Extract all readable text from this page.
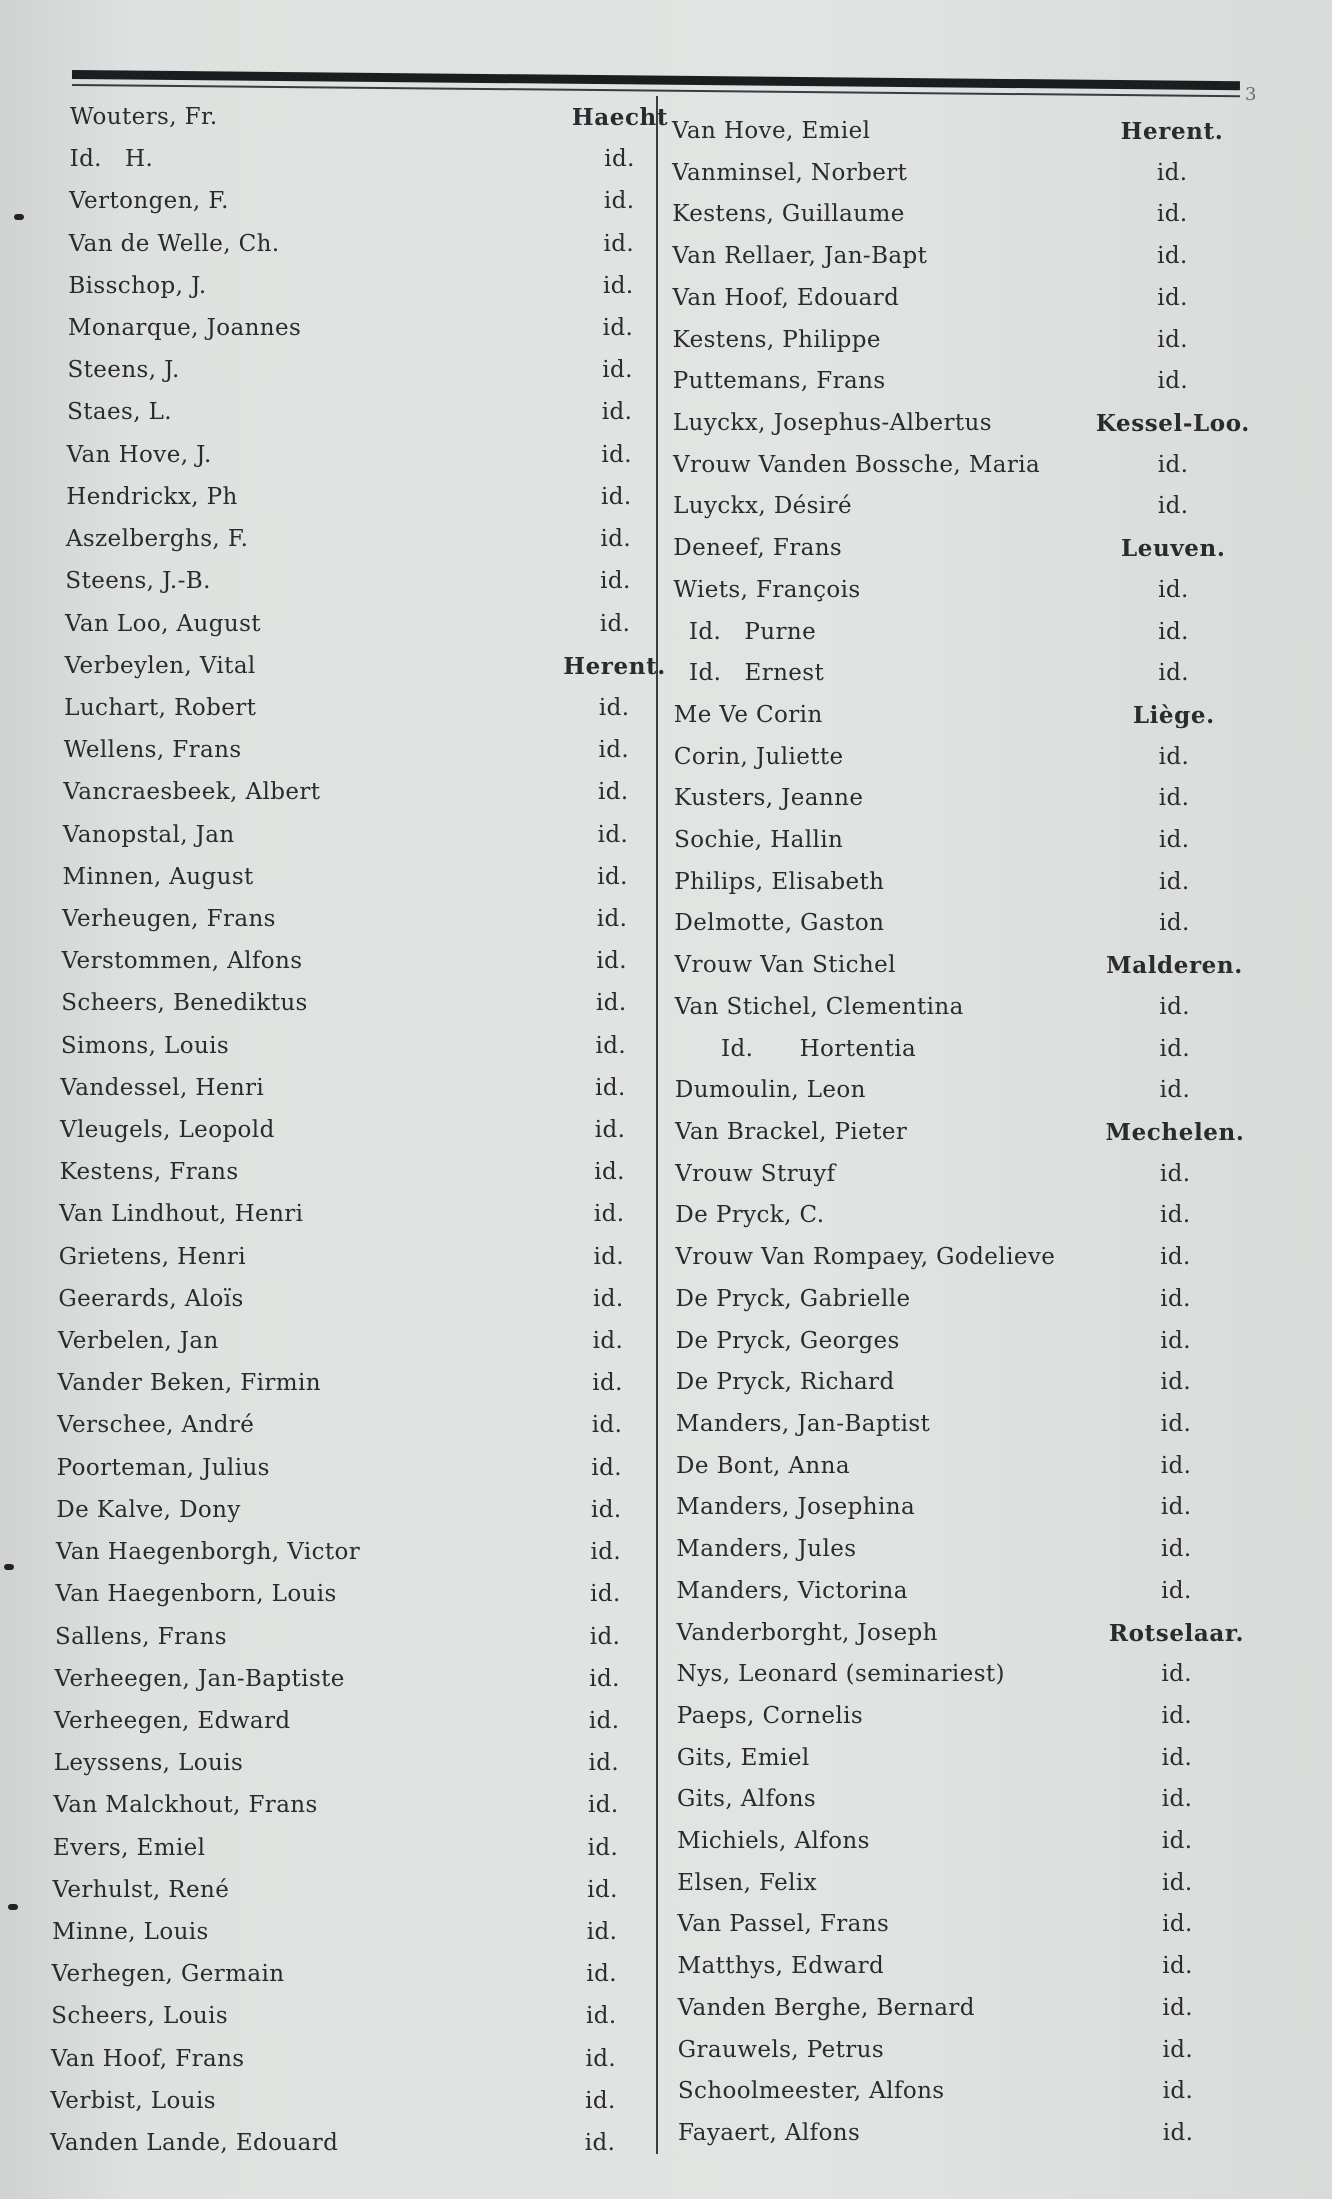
3
Wouters, Fr.	Haecht
Id.   H.	id.
Vertongen, F.	id.
Van de Welle, Ch.	id.
Bisschop, J.	id.
Monarque, Joannes	id.
Steens, J.	id.
Staes, L.	id.
Van Hove, J.	id.
Hendrickx, Ph	id.
Aszelberghs, F.	id.
Steens, J.-B.	id.
Van Loo, August	id.
Verbeylen, Vital	Herent.
Luchart, Robert	id.
Wellens, Frans	id.
Vancraesbeek, Albert	id.
Vanopstal, Jan	id.
Minnen, August	id.
Verheugen, Frans	id.
Verstommen, Alfons	id.
Scheers, Benediktus	id.
Simons, Louis	id.
Vandessel, Henri	id.
Vleugels, Leopold	id.
Kestens, Frans	id.
Van Lindhout, Henri	id.
Grietens, Henri	id.
Geerards, Aloïs	id.
Verbelen, Jan	id.
Vander Beken, Firmin	id.
Verschee, André	id.
Poorteman, Julius	id.
De Kalve, Dony	id.
Van Haegenborgh, Victor	id.
Van Haegenborn, Louis	id.
Sallens, Frans	id.
Verheegen, Jan-Baptiste	id.
Verheegen, Edward	id.
Leyssens, Louis	id.
Van Malckhout, Frans	id.
Evers, Emiel	id.
Verhulst, René	id.
Minne, Louis	id.
Verhegen, Germain	id.
Scheers, Louis	id.
Van Hoof, Frans	id.
Verbist, Louis	id.
Vanden Lande, Edouard	id.
Van Hove, Emiel	Herent.
Vanminsel, Norbert	id.
Kestens, Guillaume	id.
Van Rellaer, Jan-Bapt	id.
Van Hoof, Edouard	id.
Kestens, Philippe	id.
Puttemans, Frans	id.
Luyckx, Josephus-Albertus	Kessel-Loo.
Vrouw Vanden Bossche, Maria	id.
Luyckx, Désiré	id.
Deneef, Frans	Leuven.
Wiets, François	id.
Id.   Purne	id.
Id.   Ernest	id.
Me Ve Corin	Liège.
Corin, Juliette	id.
Kusters, Jeanne	id.
Sochie, Hallin	id.
Philips, Elisabeth	id.
Delmotte, Gaston	id.
Vrouw Van Stichel	Malderen.
Van Stichel, Clementina	id.
Id.      Hortentia	id.
Dumoulin, Leon	id.
Van Brackel, Pieter	Mechelen.
Vrouw Struyf	id.
De Pryck, C.	id.
Vrouw Van Rompaey, Godelieve	id.
De Pryck, Gabrielle	id.
De Pryck, Georges	id.
De Pryck, Richard	id.
Manders, Jan-Baptist	id.
De Bont, Anna	id.
Manders, Josephina	id.
Manders, Jules	id.
Manders, Victorina	id.
Vanderborght, Joseph	Rotselaar.
Nys, Leonard (seminariest)	id.
Paeps, Cornelis	id.
Gits, Emiel	id.
Gits, Alfons	id.
Michiels, Alfons	id.
Elsen, Felix	id.
Van Passel, Frans	id.
Matthys, Edward	id.
Vanden Berghe, Bernard	id.
Grauwels, Petrus	id.
Schoolmeester, Alfons	id.
Fayaert, Alfons	id.
